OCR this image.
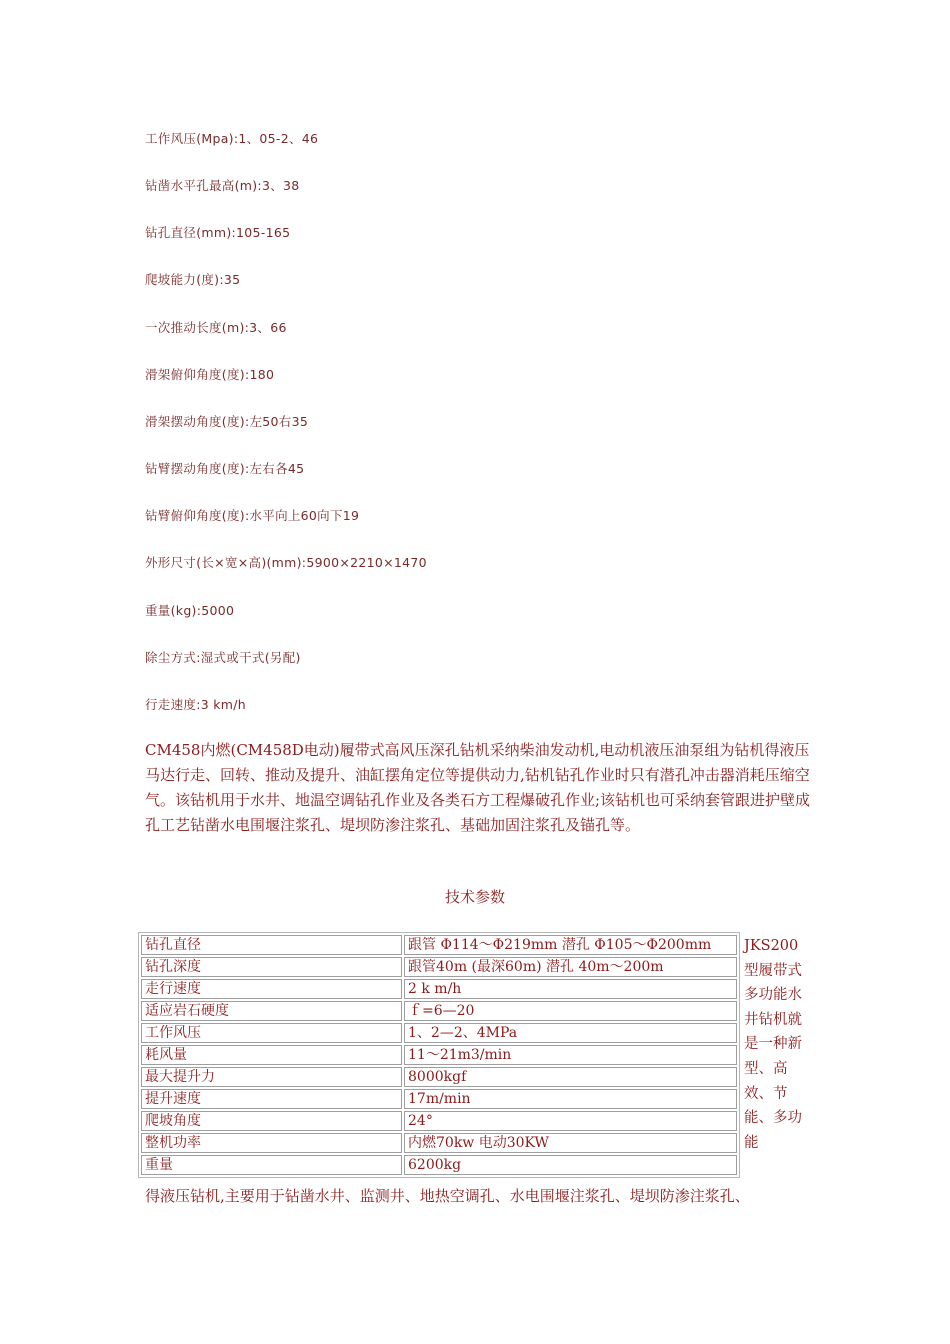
工作风压(Mpa):1、05-2、46

钻凿水平孔最高(m):3、38

钻孔直径(mm):105-165

爬坡能力(度):35

一次推动长度(m):3、66

滑架俯仰角度(度):180

滑架摆动角度(度):左50右35

钻臂摆动角度(度):左右各45

钻臂俯仰角度(度):水平向上60向下19

外形尺寸(长×宽×高)(mm):5900×2210×1470

重量(kg):5000

除尘方式:湿式或干式(另配)

行走速度:3 km/h

CM458内燃(CM458D电动)履带式高风压深孔钻机采纳柴油发动机,电动机液压油泵组为钻机得液压马达行走、回转、推动及提升、油缸摆角定位等提供动力,钻机钻孔作业时只有潜孔冲击器消耗压缩空气。该钻机用于水井、地温空调钻孔作业及各类石方工程爆破孔作业;该钻机也可采纳套管跟进护壁成孔工艺钻凿水电围堰注浆孔、堤坝防渗注浆孔、基础加固注浆孔及锚孔等。

技术参数

钻孔直径	跟管 Φ114～Φ219mm 潜孔 Φ105～Φ200mm
钻孔深度	跟管40m (最深60m) 潜孔 40m～200m
走行速度	2 k m/h
适应岩石硬度	ｆ=6—20
工作风压	1、2—2、4MPa
耗风量	11～21m3/min
最大提升力	8000kgf
提升速度	17m/min
爬坡角度	24°
整机功率	内燃70kw 电动30KW
重量	6200kg

JKS200型履带式多功能水井钻机就是一种新型、高效、节能、多功能

得液压钻机,主要用于钻凿水井、监测井、地热空调孔、水电围堰注浆孔、堤坝防渗注浆孔、
